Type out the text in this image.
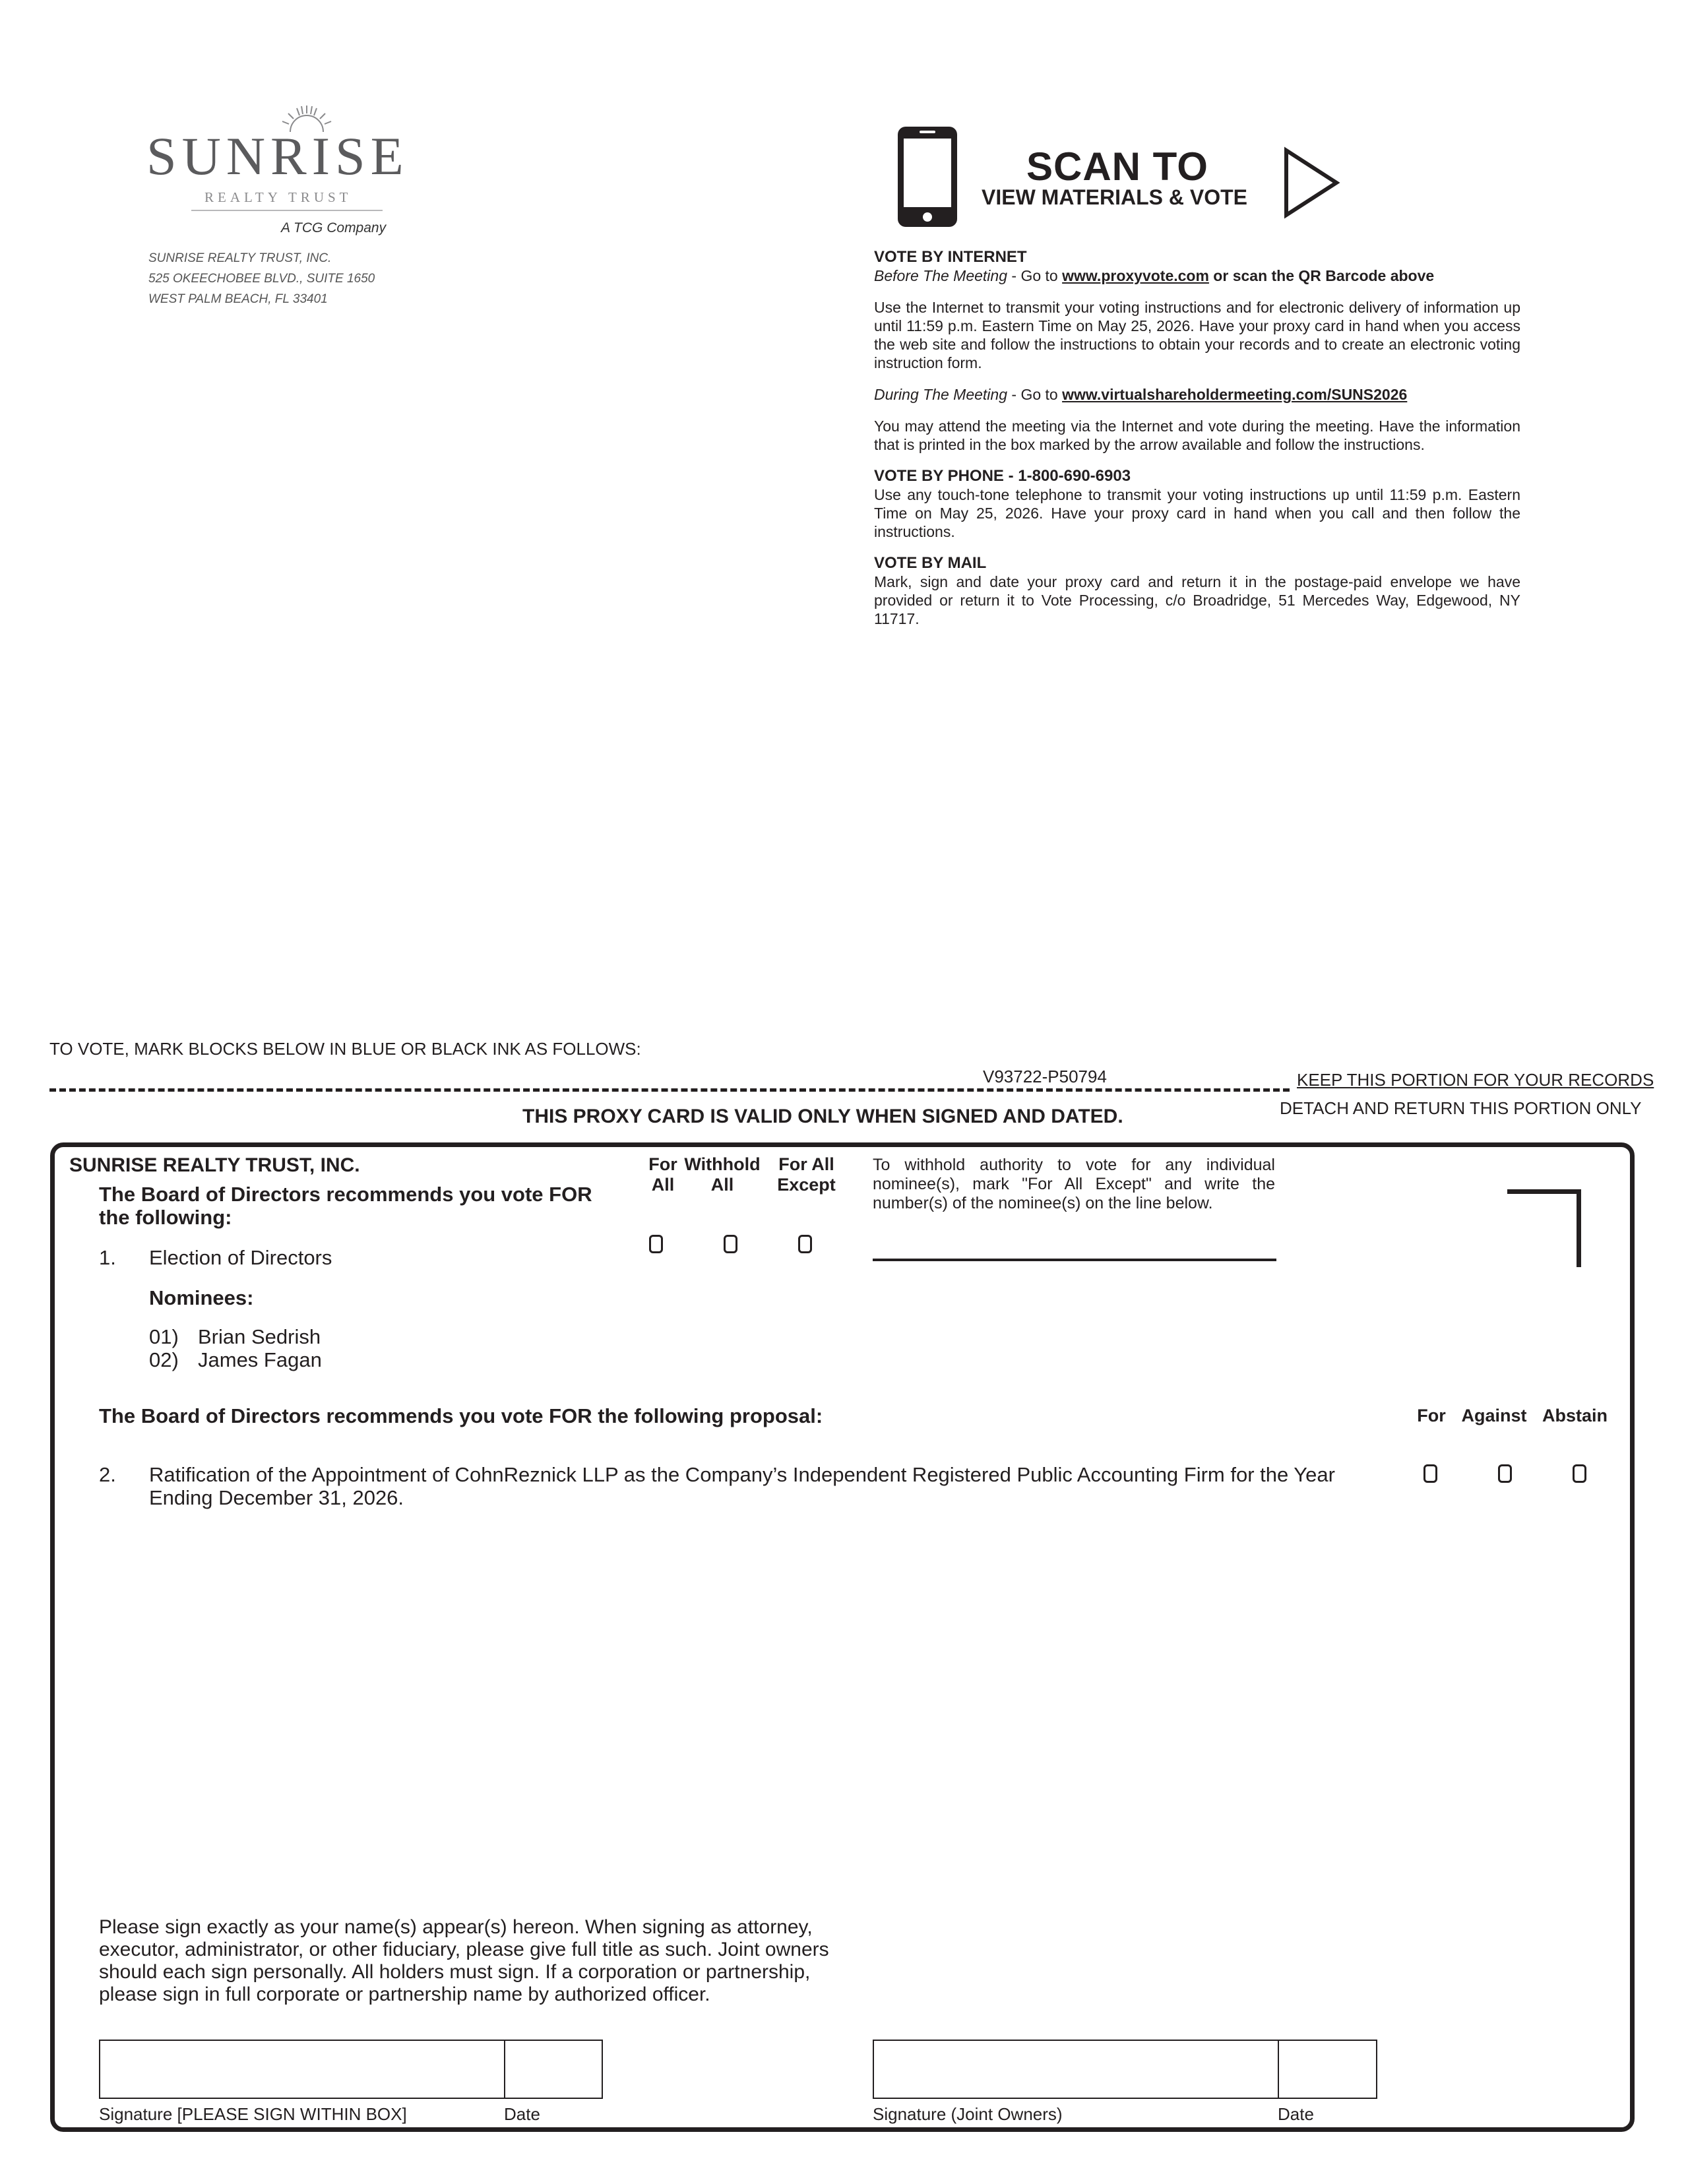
SUNRISE
REALTY TRUST
A TCG Company
SUNRISE REALTY TRUST, INC.
525 OKEECHOBEE BLVD., SUITE 1650
WEST PALM BEACH, FL 33401
SCAN TO
VIEW MATERIALS & VOTE
VOTE BY INTERNET

Before The Meeting - Go to www.proxyvote.com or scan the QR Barcode above

Use the Internet to transmit your voting instructions and for electronic delivery of information up until 11:59 p.m. Eastern Time on May 25, 2026. Have your proxy card in hand when you access the web site and follow the instructions to obtain your records and to create an electronic voting instruction form.

During The Meeting - Go to www.virtualshareholdermeeting.com/SUNS2026

You may attend the meeting via the Internet and vote during the meeting. Have the information that is printed in the box marked by the arrow available and follow the instructions.

VOTE BY PHONE - 1-800-690-6903

Use any touch-tone telephone to transmit your voting instructions up until 11:59 p.m. Eastern Time on May 25, 2026. Have your proxy card in hand when you call and then follow the instructions.

VOTE BY MAIL

Mark, sign and date your proxy card and return it in the postage-paid envelope we have provided or return it to Vote Processing, c/o Broadridge, 51 Mercedes Way, Edgewood, NY 11717.

TO VOTE, MARK BLOCKS BELOW IN BLUE OR BLACK INK AS FOLLOWS:
V93722-P50794	KEEP THIS PORTION FOR YOUR RECORDS
DETACH AND RETURN THIS PORTION ONLY
THIS PROXY CARD IS VALID ONLY WHEN SIGNED AND DATED.
SUNRISE REALTY TRUST, INC.
The Board of Directors recommends you vote FOR the following:
For
All
Withhold
All
For All
Except
To withhold authority to vote for any individual nominee(s), mark "For All Except" and write the number(s) of the nominee(s) on the line below.
1. Election of Directors
Nominees:
01) Brian Sedrish
02) James Fagan
The Board of Directors recommends you vote FOR the following proposal:	For Against Abstain
2. Ratification of the Appointment of CohnReznick LLP as the Company’s Independent Registered Public Accounting Firm for the Year Ending December 31, 2026.
Please sign exactly as your name(s) appear(s) hereon. When signing as attorney, executor, administrator, or other fiduciary, please give full title as such. Joint owners should each sign personally. All holders must sign. If a corporation or partnership, please sign in full corporate or partnership name by authorized officer.
Signature [PLEASE SIGN WITHIN BOX]	Date	Signature (Joint Owners)	Date
